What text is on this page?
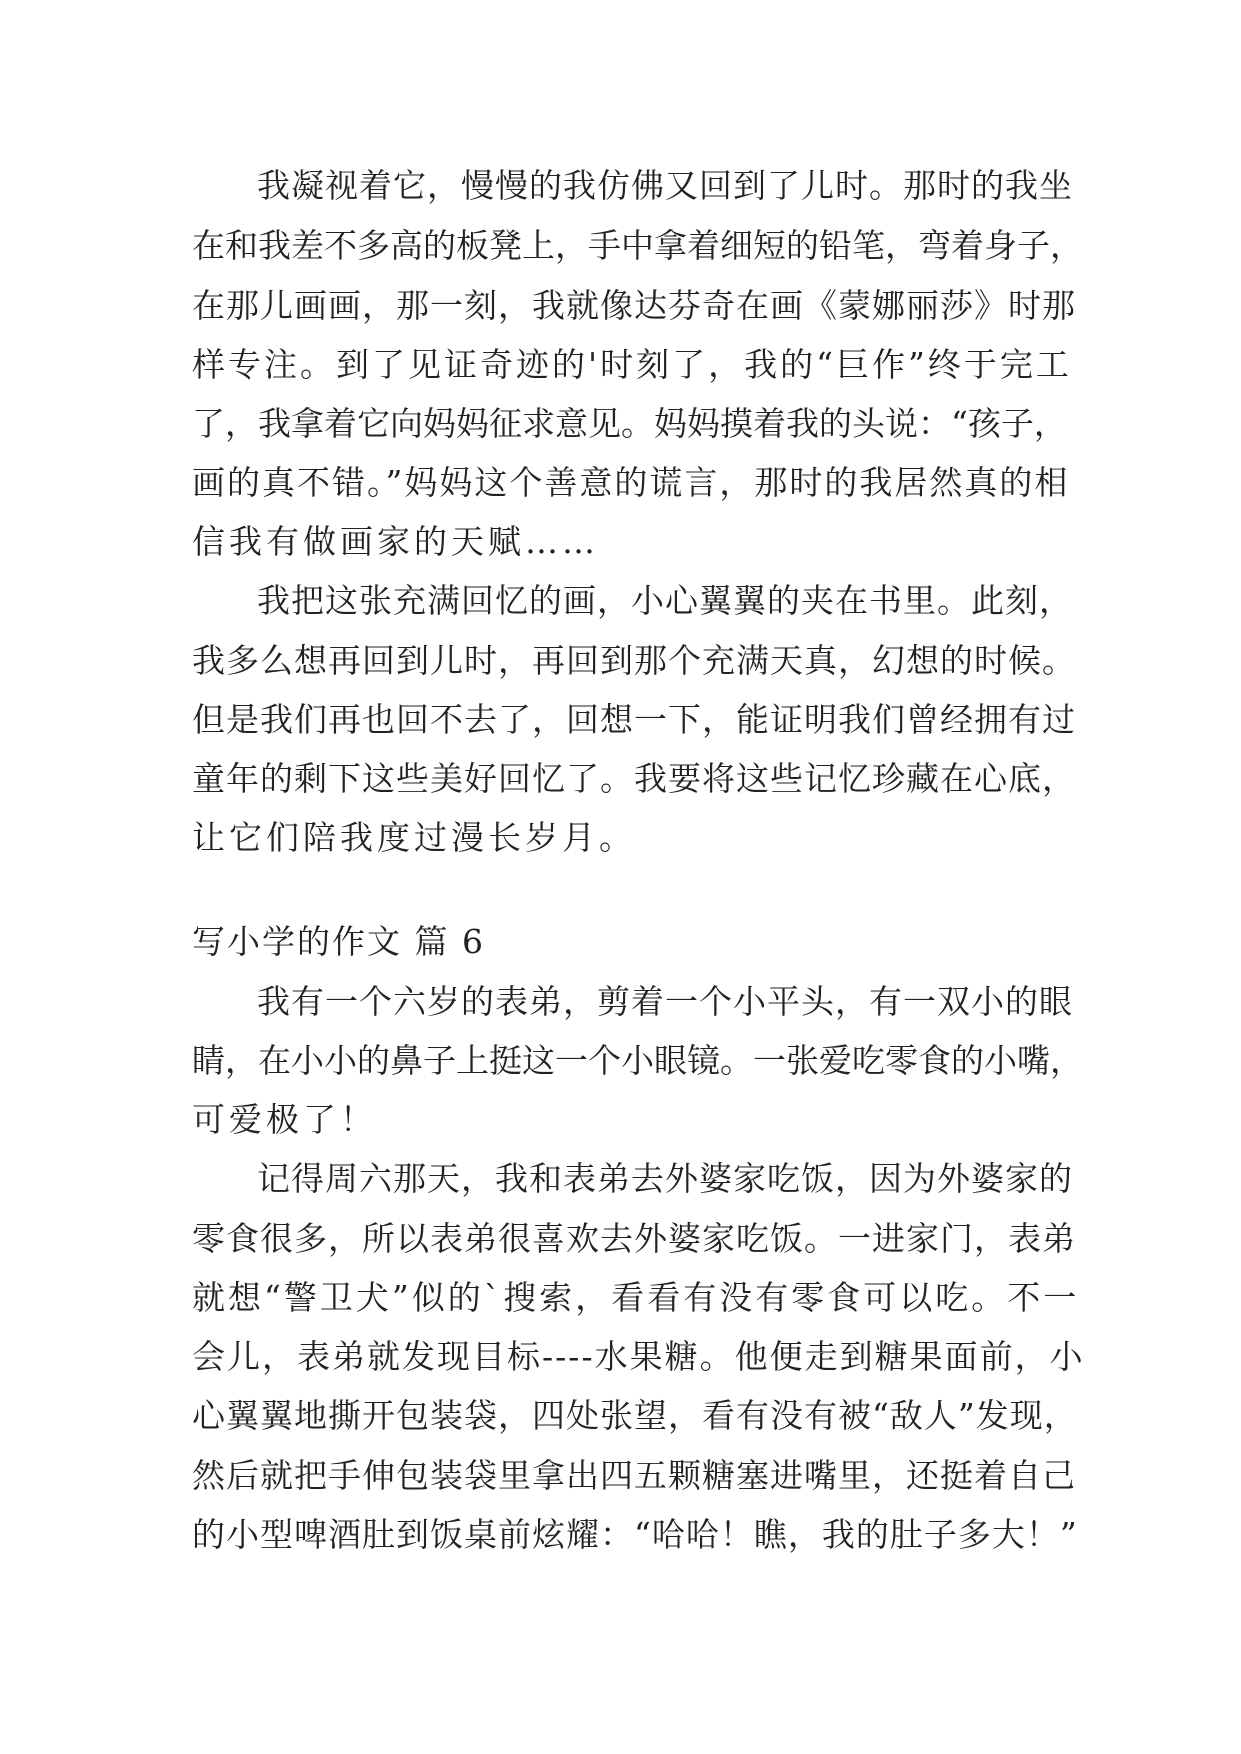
我凝视着它，慢慢的我仿佛又回到了儿时。那时的我坐
在和我差不多高的板凳上，手中拿着细短的铅笔，弯着身子，
在那儿画画，那一刻，我就像达芬奇在画《蒙娜丽莎》时那
样专注。到了见证奇迹的'时刻了，我的“巨作”终于完工
了，我拿着它向妈妈征求意见。妈妈摸着我的头说：“孩子，
画的真不错。”妈妈这个善意的谎言，那时的我居然真的相
信我有做画家的天赋……
我把这张充满回忆的画，小心翼翼的夹在书里。此刻，
我多么想再回到儿时，再回到那个充满天真，幻想的时候。
但是我们再也回不去了，回想一下，能证明我们曾经拥有过
童年的剩下这些美好回忆了。我要将这些记忆珍藏在心底，
让它们陪我度过漫长岁月。
写小学的作文 篇 6
我有一个六岁的表弟，剪着一个小平头，有一双小的眼
睛，在小小的鼻子上挺这一个小眼镜。一张爱吃零食的小嘴，
可爱极了！
记得周六那天，我和表弟去外婆家吃饭，因为外婆家的
零食很多，所以表弟很喜欢去外婆家吃饭。一进家门，表弟
就想“警卫犬”似的`搜索，看看有没有零食可以吃。不一
会儿，表弟就发现目标----水果糖。他便走到糖果面前，小
心翼翼地撕开包装袋，四处张望，看有没有被“敌人”发现，
然后就把手伸包装袋里拿出四五颗糖塞进嘴里，还挺着自己
的小型啤酒肚到饭桌前炫耀：“哈哈！瞧，我的肚子多大！”
